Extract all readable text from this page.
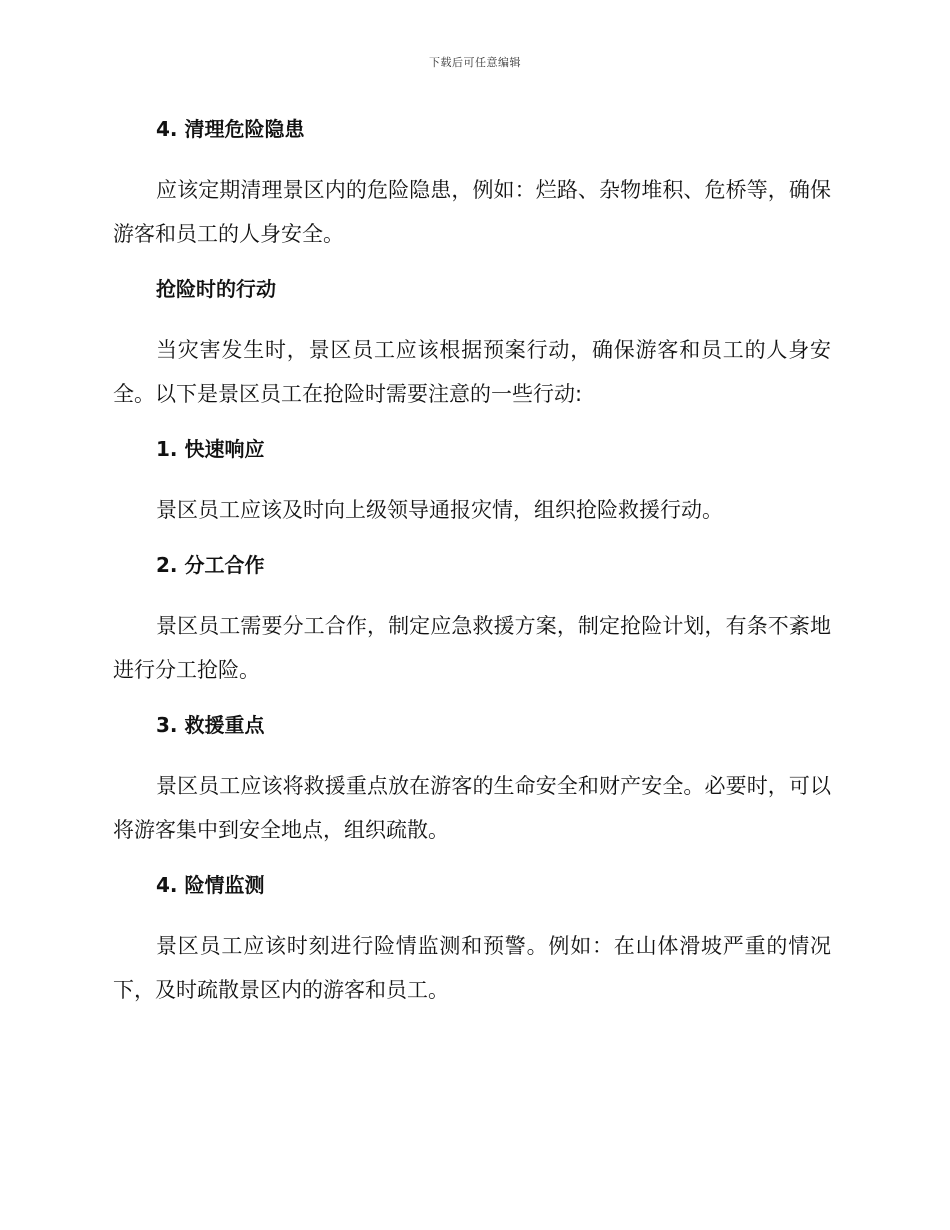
下载后可任意编辑
4. 清理危险隐患
应该定期清理景区内的危险隐患，例如：烂路、杂物堆积、危桥等，确保游客和员工的人身安全。
抢险时的行动
当灾害发生时，景区员工应该根据预案行动，确保游客和员工的人身安全。以下是景区员工在抢险时需要注意的一些行动:
1. 快速响应
景区员工应该及时向上级领导通报灾情，组织抢险救援行动。
2. 分工合作
景区员工需要分工合作，制定应急救援方案，制定抢险计划，有条不紊地进行分工抢险。
3. 救援重点
景区员工应该将救援重点放在游客的生命安全和财产安全。必要时，可以将游客集中到安全地点，组织疏散。
4. 险情监测
景区员工应该时刻进行险情监测和预警。例如：在山体滑坡严重的情况下，及时疏散景区内的游客和员工。
